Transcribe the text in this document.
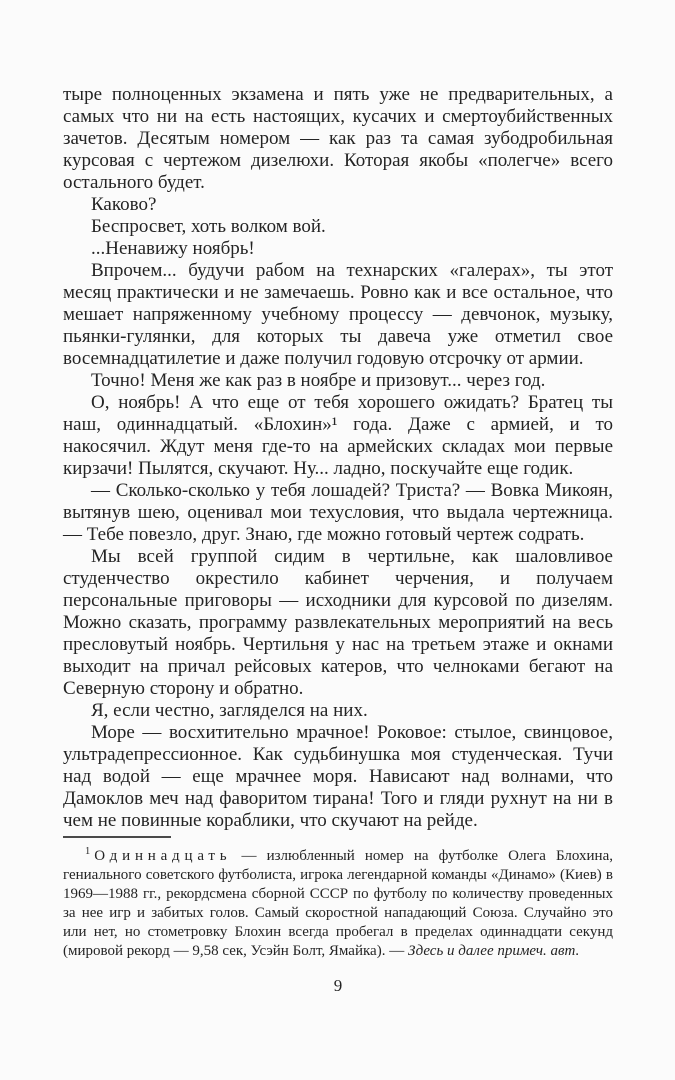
тыре полноценных экзамена и пять уже не предварительных, а самых что ни на есть настоящих, кусачих и смертоубийственных зачетов. Десятым номером — как раз та самая зубодробильная курсовая с чертежом дизелюхи. Которая якобы «полегче» всего остального будет.

Каково?

Беспросвет, хоть волком вой.

...Ненавижу ноябрь!

Впрочем... будучи рабом на технарских «галерах», ты этот месяц практически и не замечаешь. Ровно как и все остальное, что мешает напряженному учебному процессу — девчонок, музыку, пьянки-гулянки, для которых ты давеча уже отметил свое восемнадцатилетие и даже получил годовую отсрочку от армии.

Точно! Меня же как раз в ноябре и призовут... через год.

О, ноябрь! А что еще от тебя хорошего ожидать? Братец ты наш, одиннадцатый. «Блохин»¹ года. Даже с армией, и то накосячил. Ждут меня где-то на армейских складах мои первые кирзачи! Пылятся, скучают. Ну... ладно, поскучайте еще годик.

— Сколько-сколько у тебя лошадей? Триста? — Вовка Микоян, вытянув шею, оценивал мои техусловия, что выдала чертежница. — Тебе повезло, друг. Знаю, где можно готовый чертеж содрать.

Мы всей группой сидим в чертильне, как шаловливое студенчество окрестило кабинет черчения, и получаем персональные приговоры — исходники для курсовой по дизелям. Можно сказать, программу развлекательных мероприятий на весь пресловутый ноябрь. Чертильня у нас на третьем этаже и окнами выходит на причал рейсовых катеров, что челноками бегают на Северную сторону и обратно.

Я, если честно, загляделся на них.

Море — восхитительно мрачное! Роковое: стылое, свинцовое, ультрадепрессионное. Как судьбинушка моя студенческая. Тучи над водой — еще мрачнее моря. Нависают над волнами, что Дамоклов меч над фаворитом тирана! Того и гляди рухнут на ни в чем не повинные кораблики, что скучают на рейде.

$^1$ Одиннадцать — излюбленный номер на футболке Олега Блохина, гениального советского футболиста, игрока легендарной команды «Динамо» (Киев) в 1969—1988 гг., рекордсмена сборной СССР по футболу по количеству проведенных за нее игр и забитых голов. Самый скоростной нападающий Союза. Случайно это или нет, но стометровку Блохин всегда пробегал в пределах одиннадцати секунд (мировой рекорд — 9,58 сек, Усэйн Болт, Ямайка). — Здесь и далее примеч. авт.

9
